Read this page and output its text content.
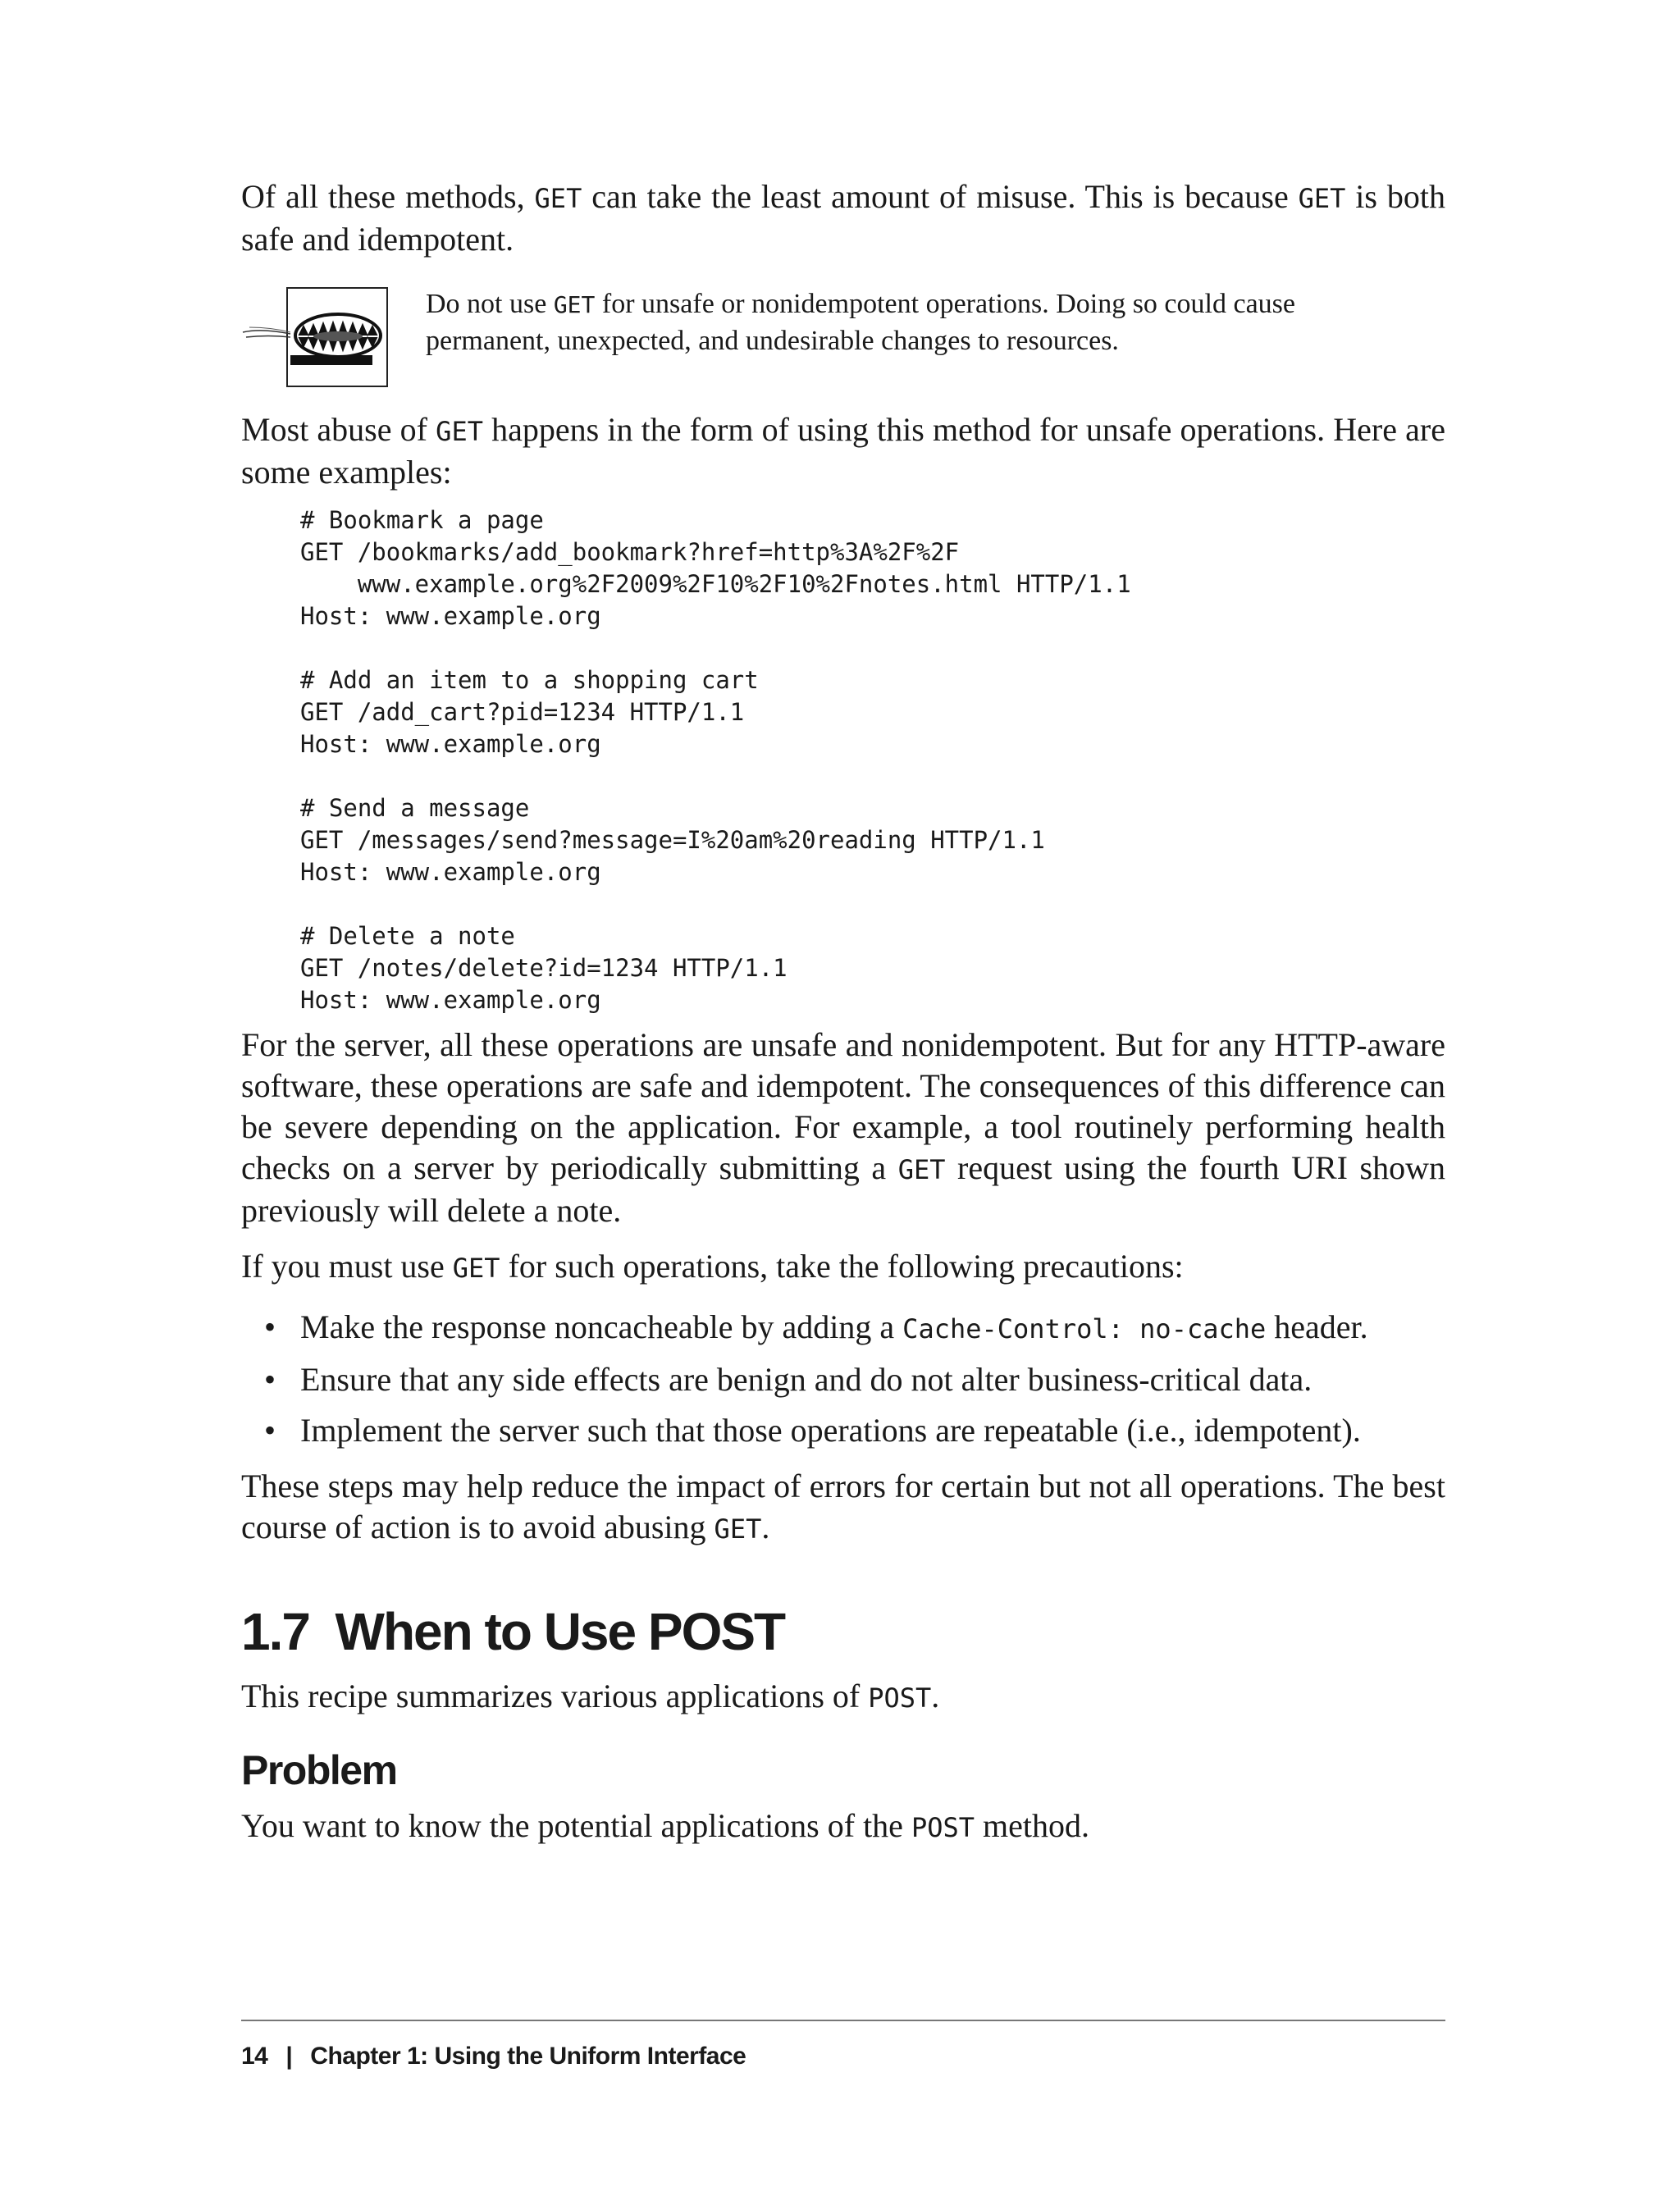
Of all these methods, GET can take the least amount of misuse. This is because GET is both safe and idempotent.

Do not use GET for unsafe or nonidempotent operations. Doing so could cause permanent, unexpected, and undesirable changes to resources.

Most abuse of GET happens in the form of using this method for unsafe operations. Here are some examples:

# Bookmark a page
GET /bookmarks/add_bookmark?href=http%3A%2F%2F
www.example.org%2F2009%2F10%2F10%2Fnotes.html HTTP/1.1
Host: www.example.org

# Add an item to a shopping cart
GET /add_cart?pid=1234 HTTP/1.1
Host: www.example.org

# Send a message
GET /messages/send?message=I%20am%20reading HTTP/1.1
Host: www.example.org

# Delete a note
GET /notes/delete?id=1234 HTTP/1.1
Host: www.example.org

For the server, all these operations are unsafe and nonidempotent. But for any HTTP-aware software, these operations are safe and idempotent. The consequences of this difference can be severe depending on the application. For example, a tool routinely performing health checks on a server by periodically submitting a GET request using the fourth URI shown previously will delete a note.

If you must use GET for such operations, take the following precautions:

• Make the response noncacheable by adding a Cache-Control: no-cache header.
• Ensure that any side effects are benign and do not alter business-critical data.
• Implement the server such that those operations are repeatable (i.e., idempotent).

These steps may help reduce the impact of errors for certain but not all operations. The best course of action is to avoid abusing GET.

1.7 When to Use POST

This recipe summarizes various applications of POST.

Problem

You want to know the potential applications of the POST method.

14 | Chapter 1: Using the Uniform Interface
